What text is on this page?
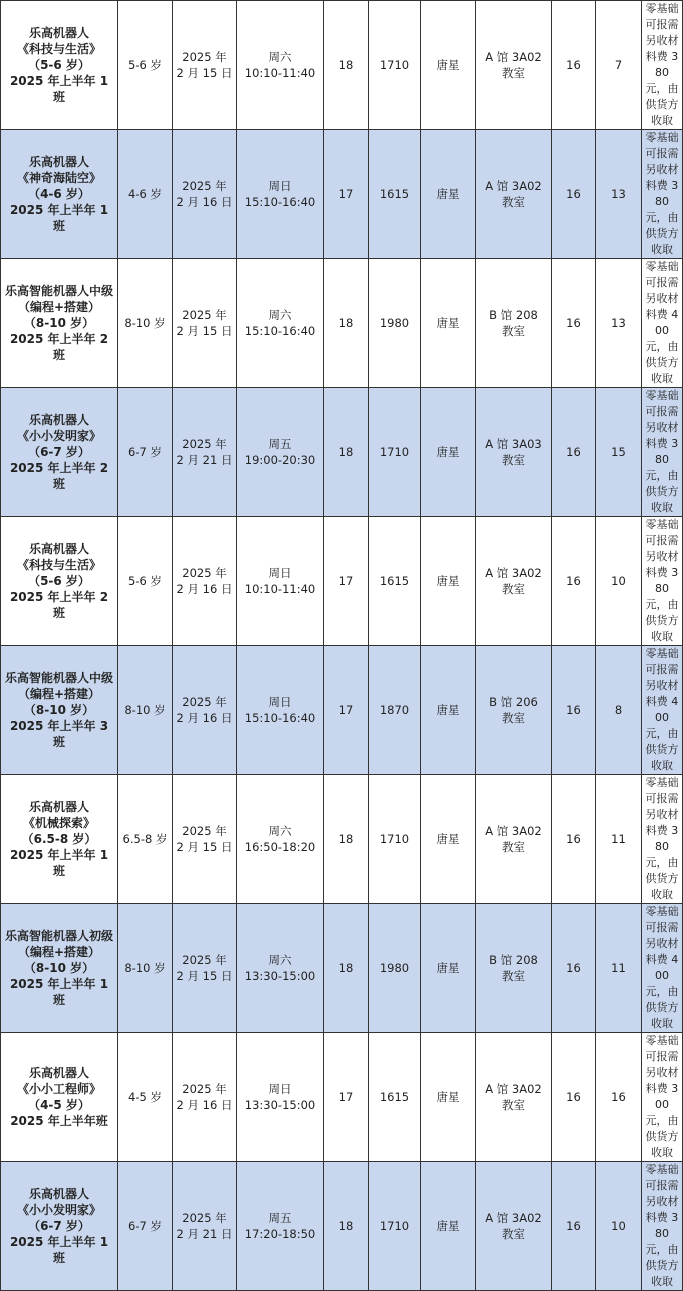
乐高机器人
《科技与生活》
（5-6 岁）
2025 年上半年 1 班	5-6 岁	2025 年
2 月 15 日	周六
10:10-11:40	18	1710	唐星	A 馆 3A02
教室	16	7	零基础可报需另收材料费 380 元，由供货方收取

乐高机器人
《神奇海陆空》
（4-6 岁）
2025 年上半年 1 班	4-6 岁	2025 年
2 月 16 日	周日
15:10-16:40	17	1615	唐星	A 馆 3A02
教室	16	13	零基础可报需另收材料费 380 元，由供货方收取

乐高智能机器人中级
（编程+搭建）
（8-10 岁）
2025 年上半年 2 班	8-10 岁	2025 年
2 月 15 日	周六
15:10-16:40	18	1980	唐星	B 馆 208
教室	16	13	零基础可报需另收材料费 400 元，由供货方收取

乐高机器人
《小小发明家》
（6-7 岁）
2025 年上半年 2 班	6-7 岁	2025 年
2 月 21 日	周五
19:00-20:30	18	1710	唐星	A 馆 3A03
教室	16	15	零基础可报需另收材料费 380 元，由供货方收取

乐高机器人
《科技与生活》
（5-6 岁）
2025 年上半年 2 班	5-6 岁	2025 年
2 月 16 日	周日
10:10-11:40	17	1615	唐星	A 馆 3A02
教室	16	10	零基础可报需另收材料费 380 元，由供货方收取

乐高智能机器人中级
（编程+搭建）
（8-10 岁）
2025 年上半年 3 班	8-10 岁	2025 年
2 月 16 日	周日
15:10-16:40	17	1870	唐星	B 馆 206
教室	16	8	零基础可报需另收材料费 400 元，由供货方收取

乐高机器人
《机械探索》
（6.5-8 岁）
2025 年上半年 1 班	6.5-8 岁	2025 年
2 月 15 日	周六
16:50-18:20	18	1710	唐星	A 馆 3A02
教室	16	11	零基础可报需另收材料费 380 元，由供货方收取

乐高智能机器人初级
（编程+搭建）
（8-10 岁）
2025 年上半年 1 班	8-10 岁	2025 年
2 月 15 日	周六
13:30-15:00	18	1980	唐星	B 馆 208
教室	16	11	零基础可报需另收材料费 400 元，由供货方收取

乐高机器人
《小小工程师》
（4-5 岁）
2025 年上半年班	4-5 岁	2025 年
2 月 16 日	周日
13:30-15:00	17	1615	唐星	A 馆 3A02
教室	16	16	零基础可报需另收材料费 300 元，由供货方收取

乐高机器人
《小小发明家》
（6-7 岁）
2025 年上半年 1 班	6-7 岁	2025 年
2 月 21 日	周五
17:20-18:50	18	1710	唐星	A 馆 3A02
教室	16	10	零基础可报需另收材料费 380 元，由供货方收取
